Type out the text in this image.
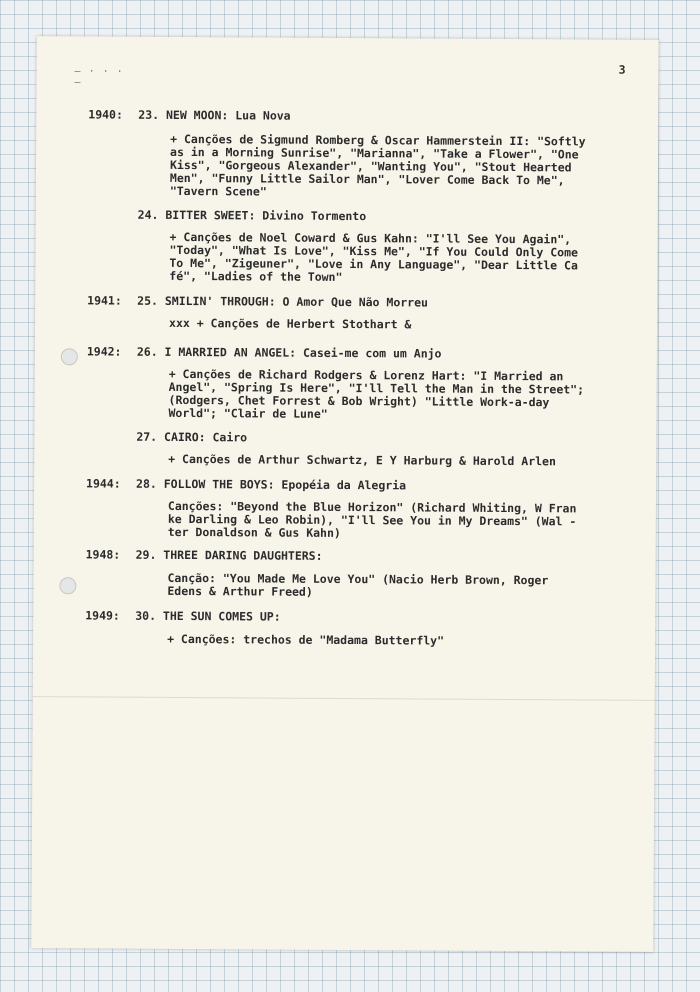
— · · · —
3
1940: 23. NEW MOON: Lua Nova
+ Canções de Sigmund Romberg & Oscar Hammerstein II: "Softly
as in a Morning Sunrise", "Marianna", "Take a Flower", "One
Kiss", "Gorgeous Alexander", "Wanting You", "Stout Hearted
Men", "Funny Little Sailor Man", "Lover Come Back To Me",
"Tavern Scene"
24. BITTER SWEET: Divino Tormento
+ Canções de Noel Coward & Gus Kahn: "I'll See You Again",
"Today", "What Is Love", "Kiss Me", "If You Could Only Come
To Me", "Zigeuner", "Love in Any Language", "Dear Little Ca
fé", "Ladies of the Town"
1941: 25. SMILIN' THROUGH: O Amor Que Não Morreu
xxx + Canções de Herbert Stothart &
1942: 26. I MARRIED AN ANGEL: Casei-me com um Anjo
+ Canções de Richard Rodgers & Lorenz Hart: "I Married an
Angel", "Spring Is Here", "I'll Tell the Man in the Street";
(Rodgers, Chet Forrest & Bob Wright) "Little Work-a-day
World"; "Clair de Lune"
27. CAIRO: Cairo
+ Canções de Arthur Schwartz, E Y Harburg & Harold Arlen
1944: 28. FOLLOW THE BOYS: Epopéia da Alegria
Canções: "Beyond the Blue Horizon" (Richard Whiting, W Fran
ke Darling & Leo Robin), "I'll See You in My Dreams" (Wal -
ter Donaldson & Gus Kahn)
1948: 29. THREE DARING DAUGHTERS:
Canção: "You Made Me Love You" (Nacio Herb Brown, Roger
Edens & Arthur Freed)
1949: 30. THE SUN COMES UP:
+ Canções: trechos de "Madama Butterfly"
